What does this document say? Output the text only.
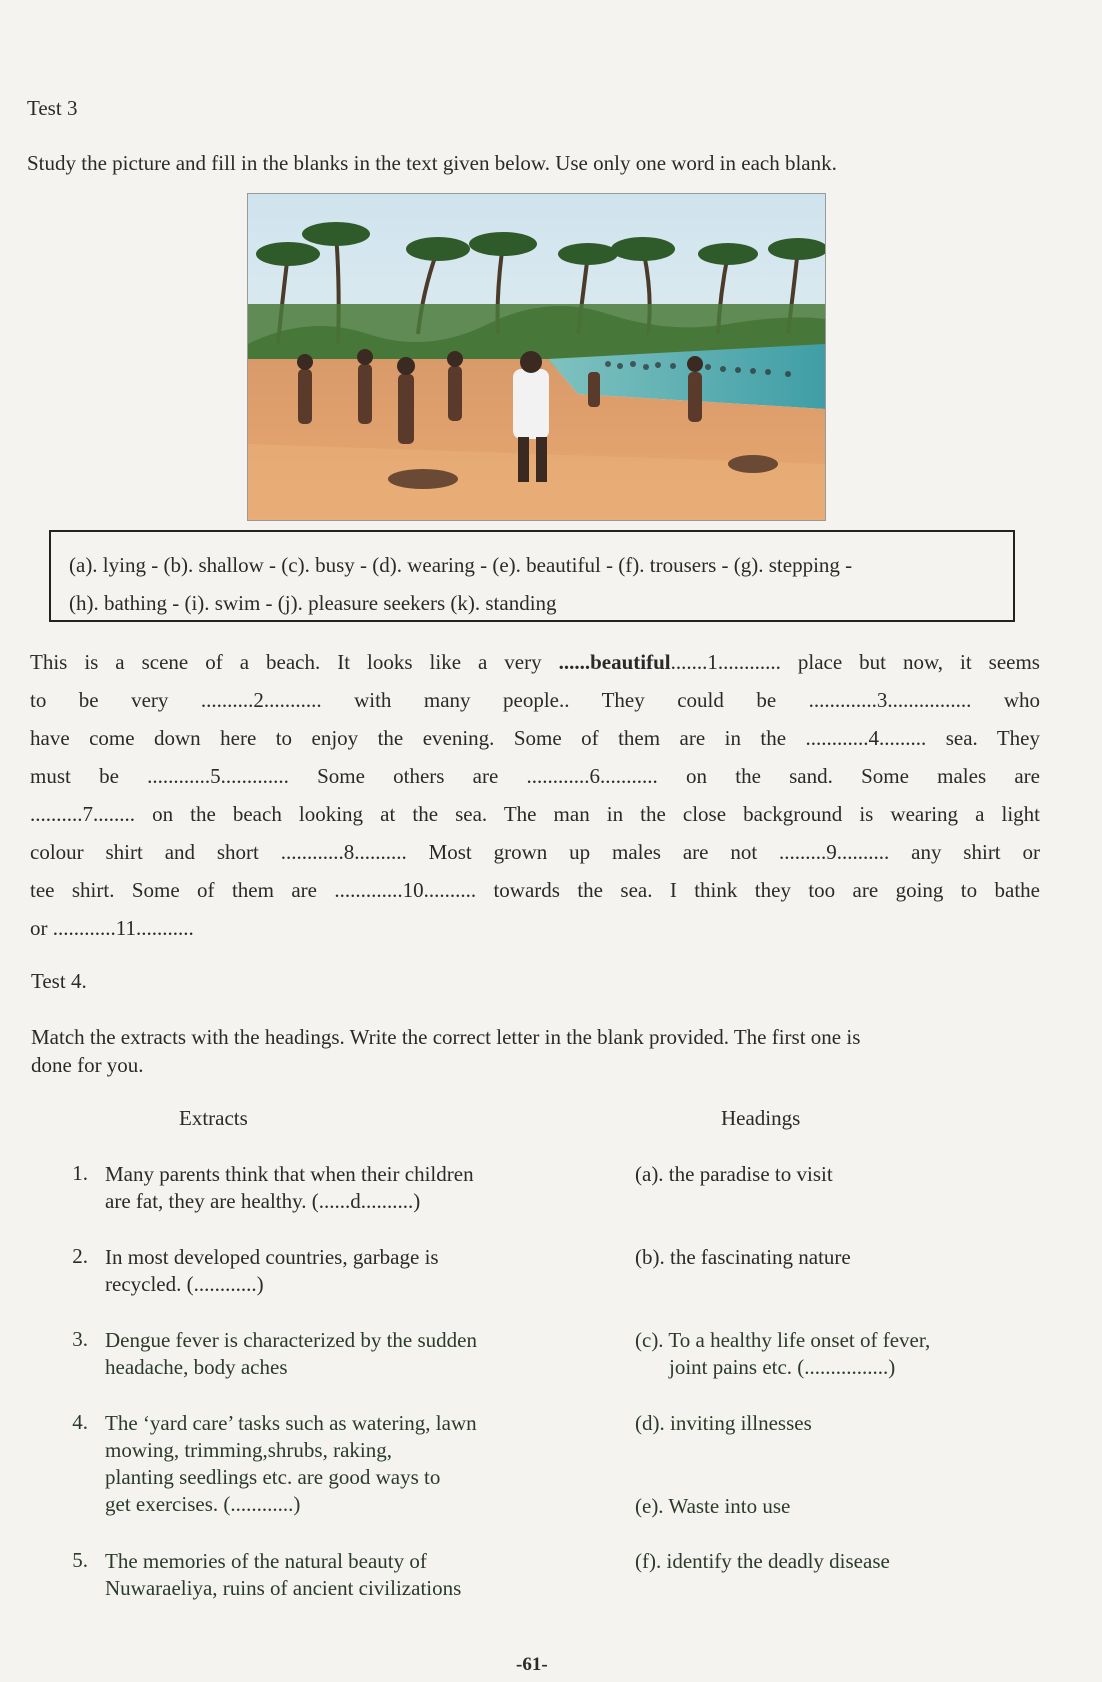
Test 3
Study the picture and fill in the blanks in the text given below. Use only one word in each blank.
(a). lying - (b). shallow - (c). busy - (d). wearing - (e). beautiful - (f). trousers - (g). stepping -
(h). bathing - (i). swim - (j). pleasure seekers (k). standing
This is a scene of a beach. It looks like a very ......beautiful.......1............ place but now, it seems
to be very ..........2........... with many people.. They could be .............3................ who
have come down here to enjoy the evening. Some of them are in the ............4......... sea. They
must be ............5............. Some others are ............6........... on the sand. Some males are
..........7........ on the beach looking at the sea. The man in the close background is wearing a light
colour shirt and short ............8.......... Most grown up males are not .........9.......... any shirt or
tee shirt. Some of them are .............10.......... towards the sea. I think they too are going to bathe
or ............11...........
Test 4.
Match the extracts with the headings. Write the correct letter in the blank provided. The first one is
done for you.
Extracts	Headings
1. Many parents think that when their children
are fat, they are healthy. (......d..........)
2. In most developed countries, garbage is
recycled. (............)
3. Dengue fever is characterized by the sudden
headache, body aches
4. The ‘yard care’ tasks such as watering, lawn
mowing, trimming,shrubs, raking,
planting seedlings etc. are good ways to
get exercises. (............)
5. The memories of the natural beauty of
Nuwaraeliya, ruins of ancient civilizations
(a). the paradise to visit
(b). the fascinating nature
(c). To a healthy life onset of fever,
joint pains etc. (................)
(d). inviting illnesses
(e). Waste into use
(f). identify the deadly disease
-61-
